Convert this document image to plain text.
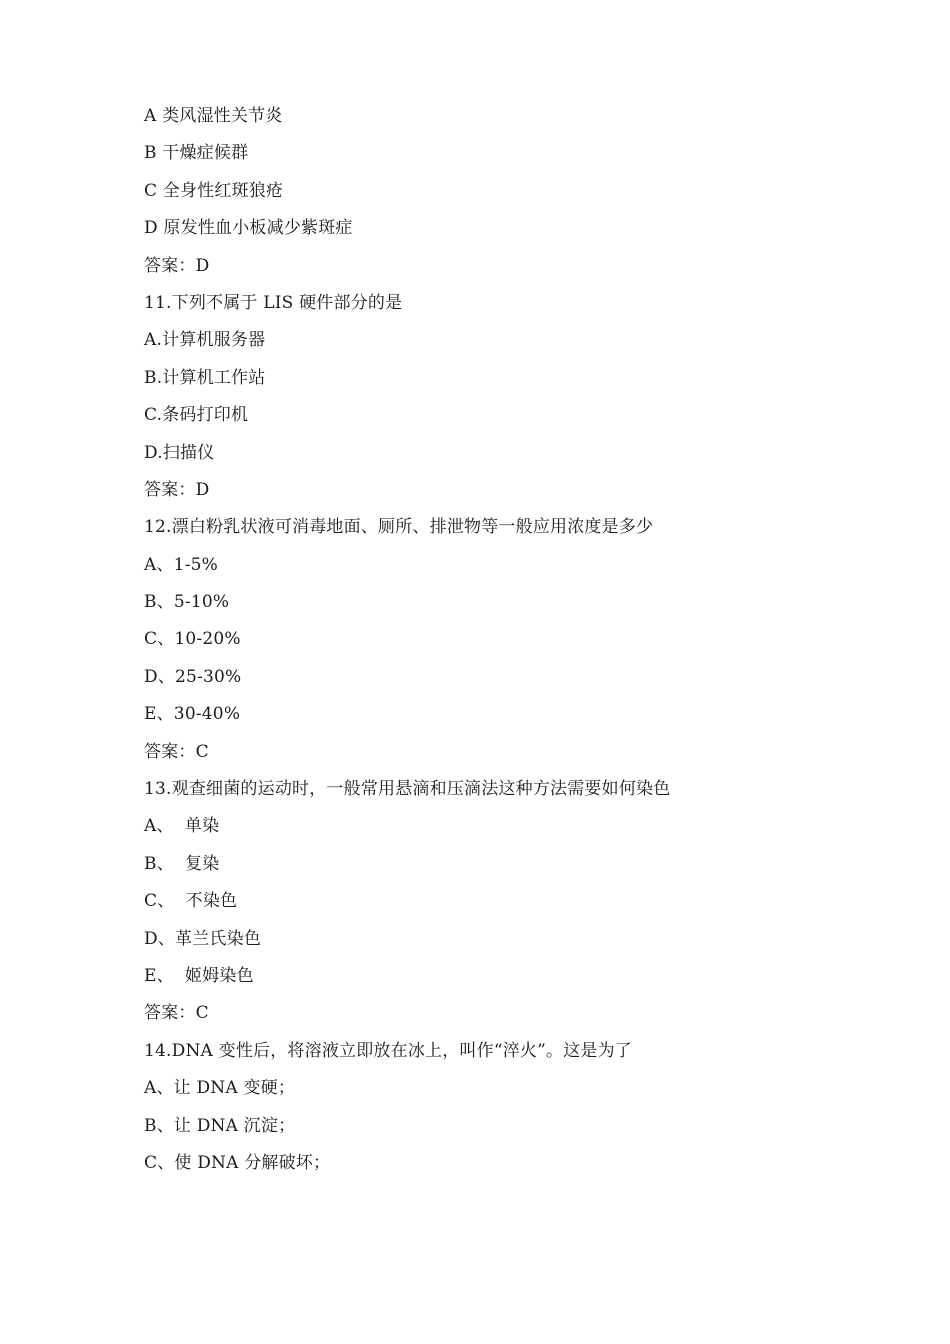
A 类风湿性关节炎
B 干燥症候群
C 全身性红斑狼疮
D 原发性血小板减少紫斑症
答案：D
11.下列不属于 LIS 硬件部分的是
A.计算机服务器
B.计算机工作站
C.条码打印机
D.扫描仪
答案：D
12.漂白粉乳状液可消毒地面、厕所、排泄物等一般应用浓度是多少
A、1-5%
B、5-10%
C、10-20%
D、25-30%
E、30-40%
答案：C
13.观查细菌的运动时，一般常用悬滴和压滴法这种方法需要如何染色
A、  单染
B、  复染
C、  不染色
D、革兰氏染色
E、  姬姆染色
答案：C
14.DNA 变性后，将溶液立即放在冰上，叫作“淬火”。这是为了
A、让 DNA 变硬；
B、让 DNA 沉淀；
C、使 DNA 分解破坏；
